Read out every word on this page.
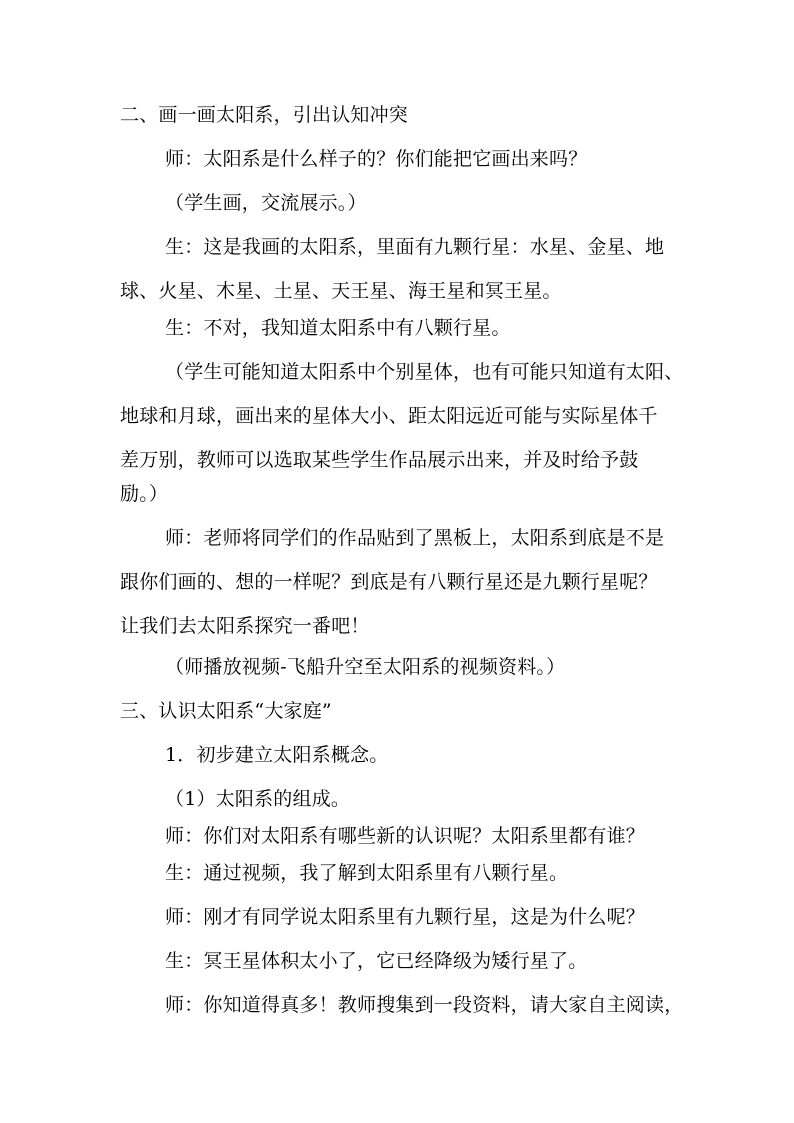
二、画一画太阳系，引出认知冲突
师：太阳系是什么样子的？你们能把它画出来吗？
（学生画，交流展示。）
生：这是我画的太阳系，里面有九颗行星：水星、金星、地
球、火星、木星、土星、天王星、海王星和冥王星。
生：不对，我知道太阳系中有八颗行星。
（学生可能知道太阳系中个别星体，也有可能只知道有太阳、
地球和月球，画出来的星体大小、距太阳远近可能与实际星体千
差万别，教师可以选取某些学生作品展示出来，并及时给予鼓
励。）
师：老师将同学们的作品贴到了黑板上，太阳系到底是不是
跟你们画的、想的一样呢？到底是有八颗行星还是九颗行星呢？
让我们去太阳系探究一番吧！
（师播放视频-飞船升空至太阳系的视频资料。）
三、认识太阳系“大家庭”
1．初步建立太阳系概念。
（1）太阳系的组成。
师：你们对太阳系有哪些新的认识呢？太阳系里都有谁？
生：通过视频，我了解到太阳系里有八颗行星。
师：刚才有同学说太阳系里有九颗行星，这是为什么呢？
生：冥王星体积太小了，它已经降级为矮行星了。
师：你知道得真多！教师搜集到一段资料，请大家自主阅读，
